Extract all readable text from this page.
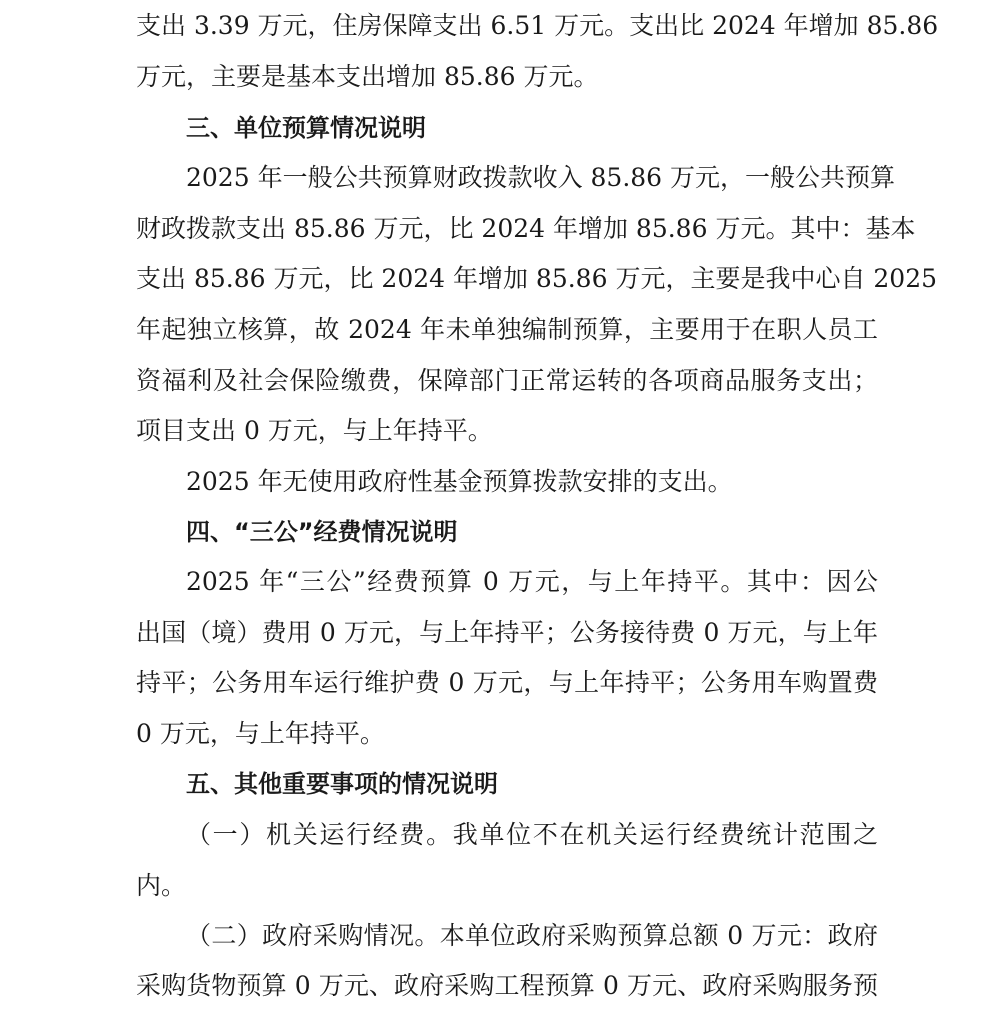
支出 3.39 万元，住房保障支出 6.51 万元。支出比 2024 年增加 85.86
万元，主要是基本支出增加 85.86 万元。
三、单位预算情况说明
2025 年一般公共预算财政拨款收入 85.86 万元，一般公共预算
财政拨款支出 85.86 万元，比 2024 年增加 85.86 万元。其中：基本
支出 85.86 万元，比 2024 年增加 85.86 万元，主要是我中心自 2025
年起独立核算，故 2024 年未单独编制预算，主要用于在职人员工
资福利及社会保险缴费，保障部门正常运转的各项商品服务支出；
项目支出 0 万元，与上年持平。
2025 年无使用政府性基金预算拨款安排的支出。
四、“三公”经费情况说明
2025 年“三公”经费预算 0 万元，与上年持平。其中：因公
出国（境）费用 0 万元，与上年持平；公务接待费 0 万元，与上年
持平；公务用车运行维护费 0 万元，与上年持平；公务用车购置费
0 万元，与上年持平。
五、其他重要事项的情况说明
（一）机关运行经费。我单位不在机关运行经费统计范围之
内。
（二）政府采购情况。本单位政府采购预算总额 0 万元：政府
采购货物预算 0 万元、政府采购工程预算 0 万元、政府采购服务预
